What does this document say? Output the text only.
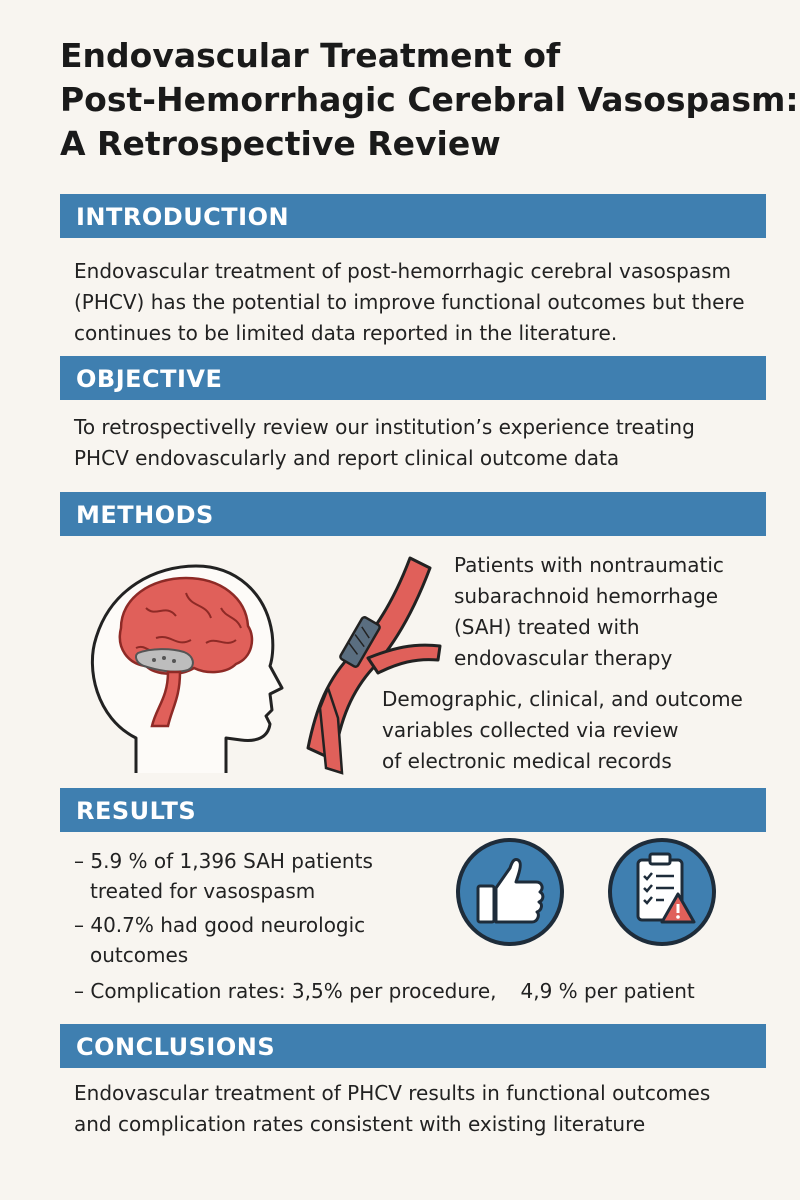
Endovascular Treatment of
Post-Hemorrhagic Cerebral Vasospasm:
A Retrospective Review
INTRODUCTION
Endovascular treatment of post-hemorrhagic cerebral vasospasm
(PHCV) has the potential to improve functional outcomes but there
continues to be limited data reported in the literature.
OBJECTIVE
To retrospectivelly review our institution’s experience treating
PHCV endovascularly and report clinical outcome data
METHODS
Patients with nontraumatic
subarachnoid hemorrhage
(SAH) treated with
endovascular therapy
Demographic, clinical, and outcome
variables collected via review
of electronic medical records
RESULTS
– 5.9 % of 1,396 SAH patients
treated for vasospasm
– 40.7% had good neurologic
outcomes
– Complication rates: 3,5% per procedure, 4,9 % per patient
CONCLUSIONS
Endovascular treatment of PHCV results in functional outcomes
and complication rates consistent with existing literature
